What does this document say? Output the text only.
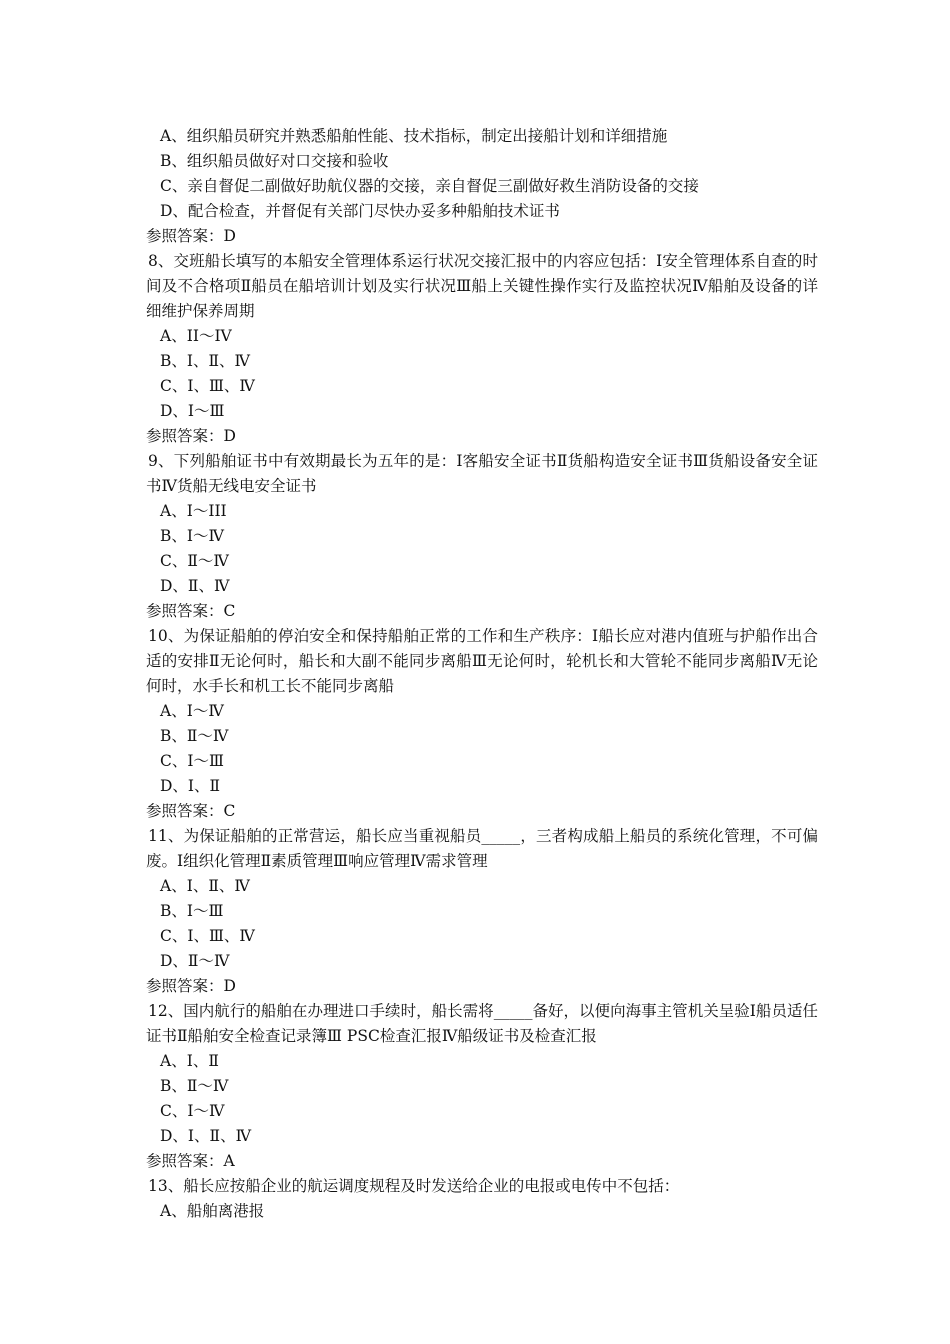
A、组织船员研究并熟悉船舶性能、技术指标，制定出接船计划和详细措施
B、组织船员做好对口交接和验收
C、亲自督促二副做好助航仪器的交接，亲自督促三副做好救生消防设备的交接
D、配合检查，并督促有关部门尽快办妥多种船舶技术证书
参照答案：D
8、交班船长填写的本船安全管理体系运行状况交接汇报中的内容应包括：Ⅰ安全管理体系自查的时间及不合格项Ⅱ船员在船培训计划及实行状况Ⅲ船上关键性操作实行及监控状况Ⅳ船舶及设备的详细维护保养周期
A、II～IV
B、Ⅰ、Ⅱ、Ⅳ
C、Ⅰ、Ⅲ、Ⅳ
D、Ⅰ～Ⅲ
参照答案：D
9、下列船舶证书中有效期最长为五年的是：Ⅰ客船安全证书Ⅱ货船构造安全证书Ⅲ货船设备安全证书Ⅳ货船无线电安全证书
A、I～III
B、Ⅰ～Ⅳ
C、Ⅱ～Ⅳ
D、Ⅱ、Ⅳ
参照答案：C
10、为保证船舶的停泊安全和保持船舶正常的工作和生产秩序：Ⅰ船长应对港内值班与护船作出合适的安排Ⅱ无论何时，船长和大副不能同步离船Ⅲ无论何时，轮机长和大管轮不能同步离船Ⅳ无论何时，水手长和机工长不能同步离船
A、Ⅰ～Ⅳ
B、Ⅱ～Ⅳ
C、Ⅰ～Ⅲ
D、Ⅰ、Ⅱ
参照答案：C
11、为保证船舶的正常营运，船长应当重视船员_____，三者构成船上船员的系统化管理，不可偏废。Ⅰ组织化管理Ⅱ素质管理Ⅲ响应管理Ⅳ需求管理
A、Ⅰ、Ⅱ、Ⅳ
B、Ⅰ～Ⅲ
C、Ⅰ、Ⅲ、Ⅳ
D、Ⅱ～Ⅳ
参照答案：D
12、国内航行的船舶在办理进口手续时，船长需将_____备好，以便向海事主管机关呈验Ⅰ船员适任证书Ⅱ船舶安全检查记录簿Ⅲ PSC检查汇报Ⅳ船级证书及检查汇报
A、Ⅰ、Ⅱ
B、Ⅱ～Ⅳ
C、Ⅰ～Ⅳ
D、Ⅰ、Ⅱ、Ⅳ
参照答案：A
13、船长应按船企业的航运调度规程及时发送给企业的电报或电传中不包括：
A、船舶离港报
